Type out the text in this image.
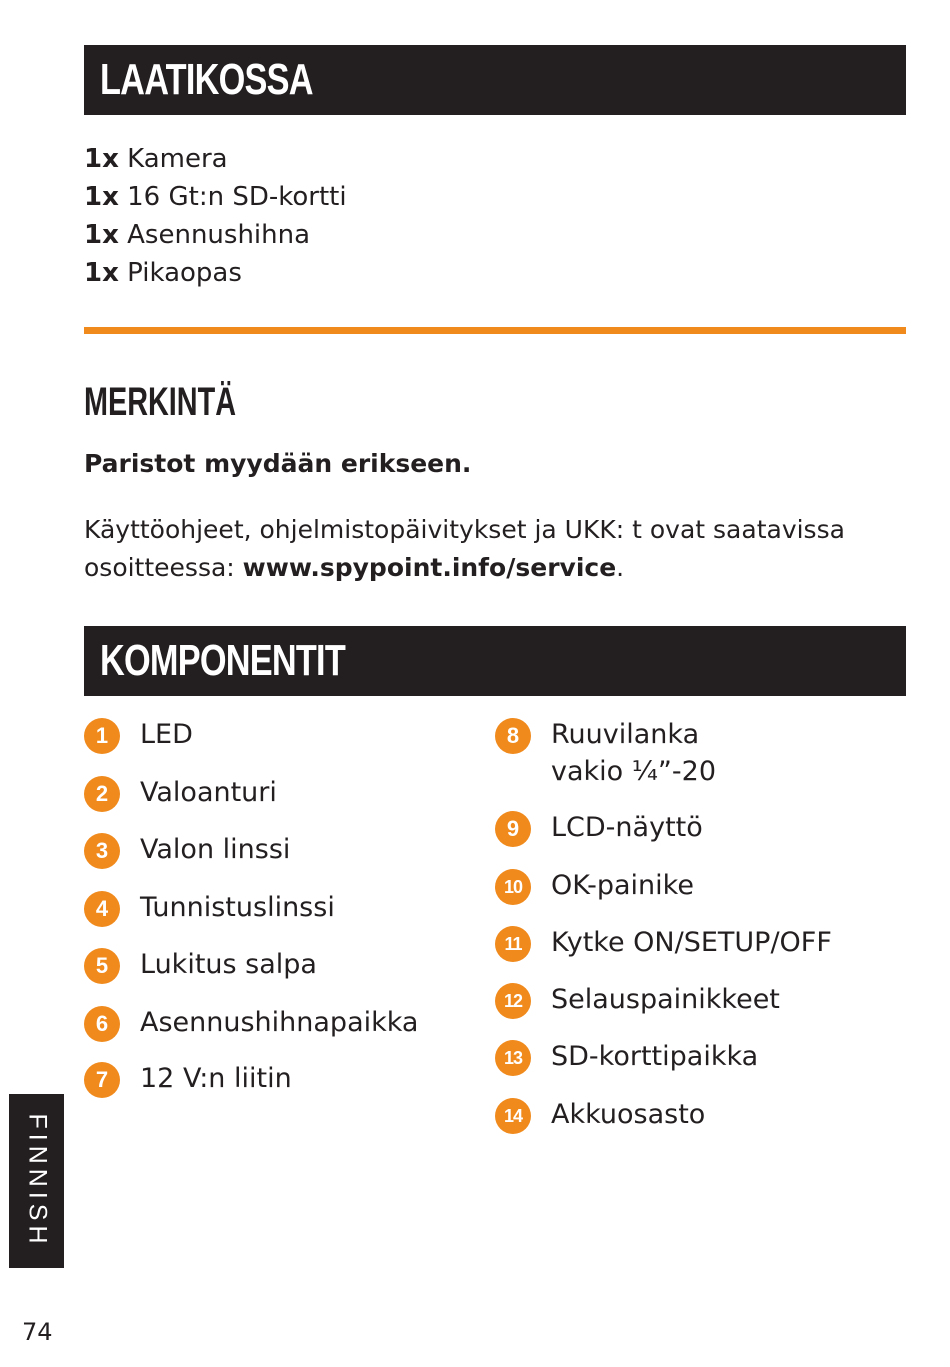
LAATIKOSSA
1x Kamera
1x 16 Gt:n SD-kortti
1x Asennushihna
1x Pikaopas
MERKINTÄ
Paristot myydään erikseen.
Käyttöohjeet, ohjelmistopäivitykset ja UKK: t ovat saatavissa osoitteessa: www.spypoint.info/service.
KOMPONENTIT
1	LED
2	Valoanturi
3	Valon linssi
4	Tunnistuslinssi
5	Lukitus salpa
6	Asennushihnapaikka
7	12 V:n liitin
8	Ruuvilanka
vakio ¼”-20
9	LCD-näyttö
10	OK-painike
11	Kytke ON/SETUP/OFF
12	Selauspainikkeet
13	SD-korttipaikka
14	Akkuosasto
FINNISH
74
